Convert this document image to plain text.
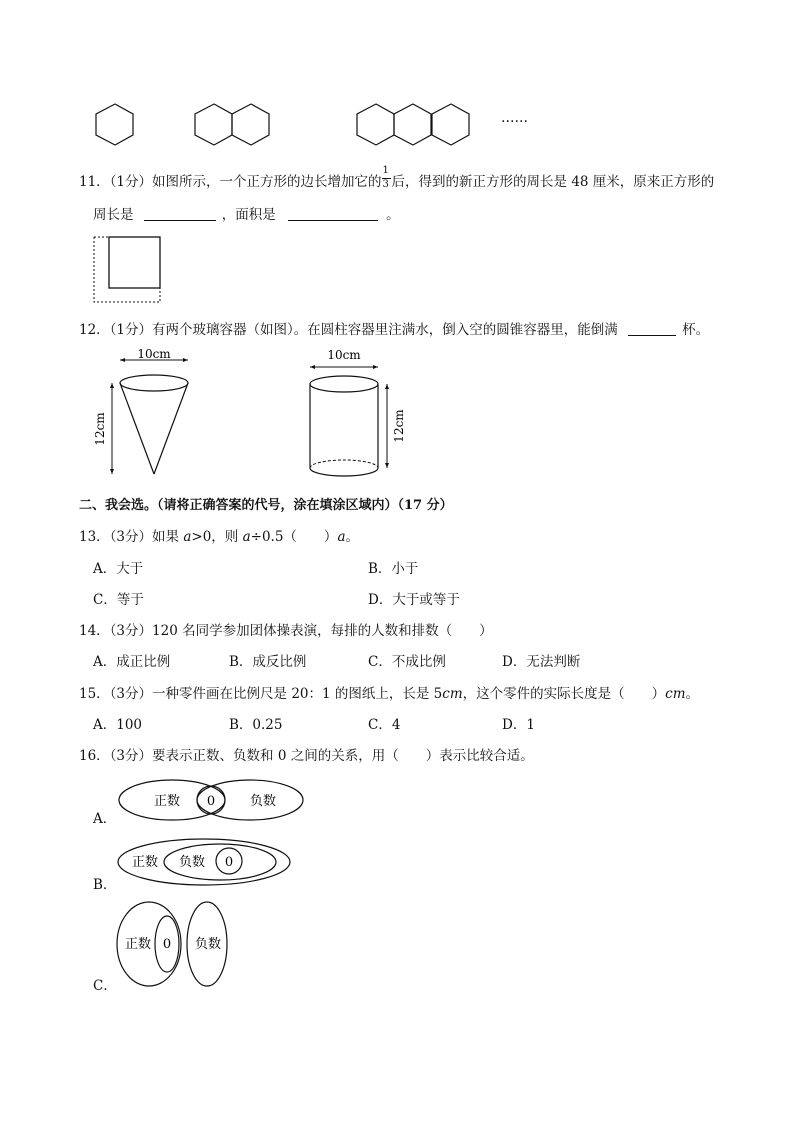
……
11．（1分）如图所示，一个正方形的边长增加它的 $\frac{1}{3}$ 后，得到的新正方形的周长是 48 厘米，原来正方形的
周长是	，面积是	。
12．（1分）有两个玻璃容器（如图）。在圆柱容器里注满水，倒入空的圆锥容器里，能倒满	杯。
10cm
12cm
10cm
12cm
二、我会选。（请将正确答案的代号，涂在填涂区域内）（17 分）
13．（3分）如果 a>0，则 a÷0.5（　　）a。
A．大于	B．小于
C．等于	D．大于或等于
14．（3分）120 名同学参加团体操表演，每排的人数和排数（　　）
A．成正比例	B．成反比例	C．不成比例	D．无法判断
15．（3分）一种零件画在比例尺是 20：1 的图纸上，长是 5cm，这个零件的实际长度是（　　）cm。
A．100	B．0.25	C．4	D．1
16．（3分）要表示正数、负数和 0 之间的关系，用（　　）表示比较合适。
A．
正数 0	负数
B．
正数 负数 0
C．
正数 0 负数
